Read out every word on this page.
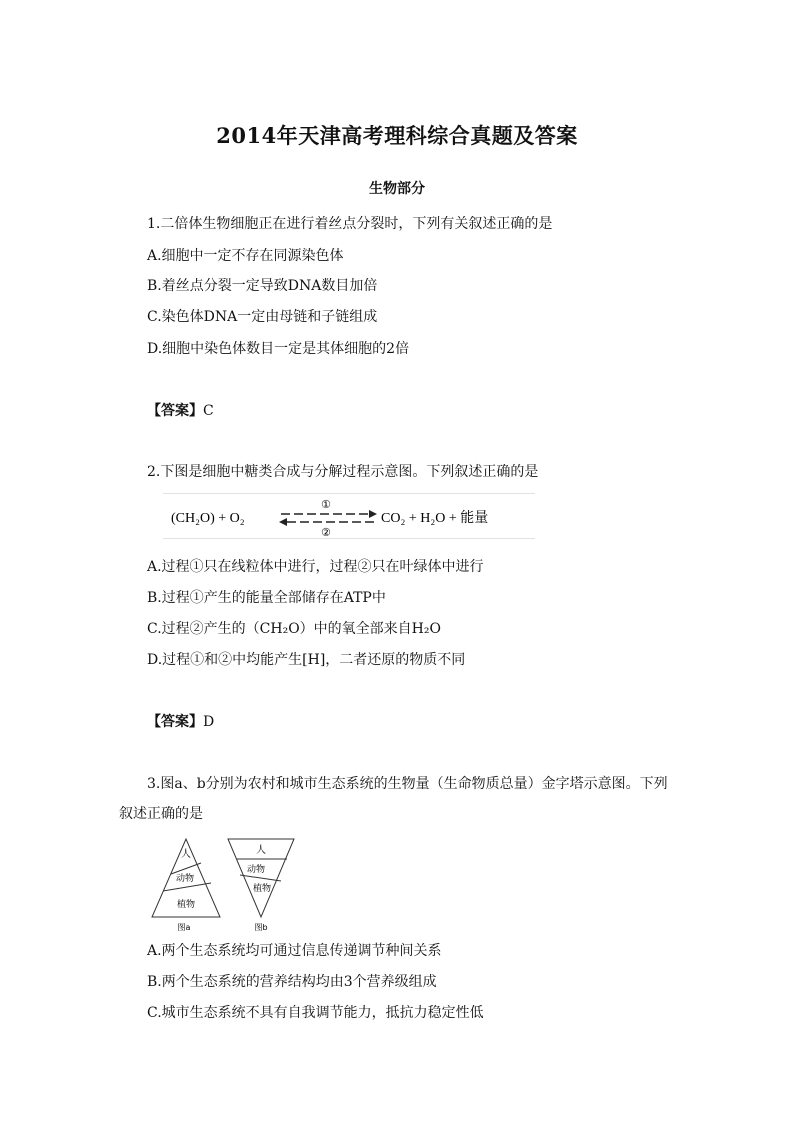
2014年天津高考理科综合真题及答案
生物部分
1.二倍体生物细胞正在进行着丝点分裂时，下列有关叙述正确的是
A.细胞中一定不存在同源染色体
B.着丝点分裂一定导致DNA数目加倍
C.染色体DNA一定由母链和子链组成
D.细胞中染色体数目一定是其体细胞的2倍
【答案】C
2.下图是细胞中糖类合成与分解过程示意图。下列叙述正确的是
(CH₂O) + O₂
①
②
CO₂ + H₂O + 能量
A.过程①只在线粒体中进行，过程②只在叶绿体中进行
B.过程①产生的能量全部储存在ATP中
C.过程②产生的（CH₂O）中的氧全部来自H₂O
D.过程①和②中均能产生[H]，二者还原的物质不同
【答案】D
3.图a、b分别为农村和城市生态系统的生物量（生命物质总量）金字塔示意图。下列
叙述正确的是
人
动物
植物
图a
人
动物
植物
图b
A.两个生态系统均可通过信息传递调节种间关系
B.两个生态系统的营养结构均由3个营养级组成
C.城市生态系统不具有自我调节能力，抵抗力稳定性低
